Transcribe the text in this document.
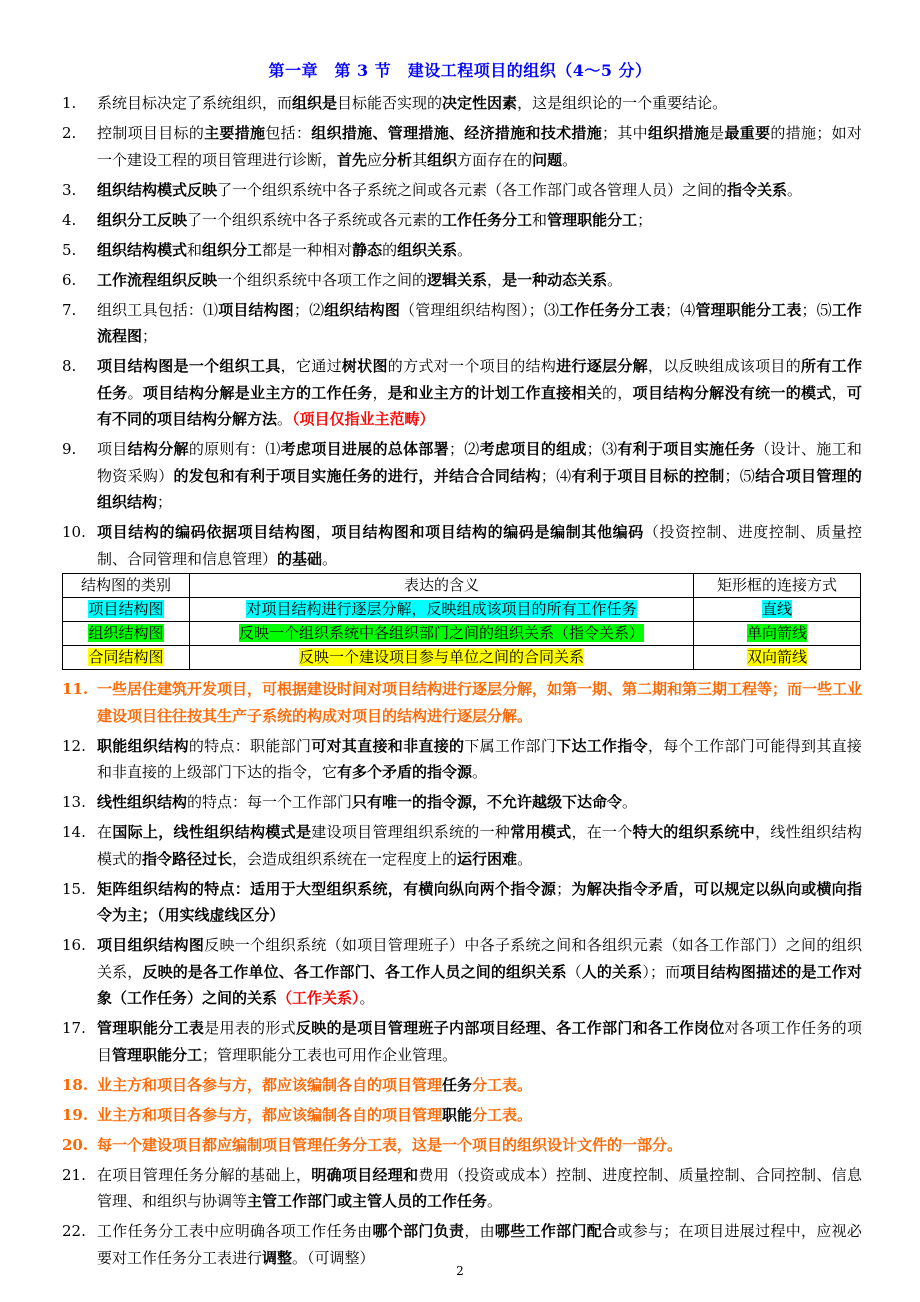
第一章　第 3 节　建设工程项目的组织（4～5 分）
1.	系统目标决定了系统组织，而组织是目标能否实现的决定性因素，这是组织论的一个重要结论。
2.	控制项目目标的主要措施包括：组织措施、管理措施、经济措施和技术措施；其中组织措施是最重要的措施；如对一个建设工程的项目管理进行诊断，首先应分析其组织方面存在的问题。
3.	组织结构模式反映了一个组织系统中各子系统之间或各元素（各工作部门或各管理人员）之间的指令关系。
4.	组织分工反映了一个组织系统中各子系统或各元素的工作任务分工和管理职能分工；
5.	组织结构模式和组织分工都是一种相对静态的组织关系。
6.	工作流程组织反映一个组织系统中各项工作之间的逻辑关系，是一种动态关系。
7.	组织工具包括：⑴项目结构图；⑵组织结构图（管理组织结构图）；⑶工作任务分工表；⑷管理职能分工表；⑸工作流程图；
8.	项目结构图是一个组织工具，它通过树状图的方式对一个项目的结构进行逐层分解，以反映组成该项目的所有工作任务。项目结构分解是业主方的工作任务，是和业主方的计划工作直接相关的，项目结构分解没有统一的模式，可有不同的项目结构分解方法。（项目仅指业主范畴）
9.	项目结构分解的原则有：⑴考虑项目进展的总体部署；⑵考虑项目的组成；⑶有利于项目实施任务（设计、施工和物资采购）的发包和有利于项目实施任务的进行，并结合合同结构；⑷有利于项目目标的控制；⑸结合项目管理的组织结构；
10. 项目结构的编码依据项目结构图，项目结构图和项目结构的编码是编制其他编码（投资控制、进度控制、质量控制、合同管理和信息管理）的基础。
结构图的类别	表达的含义	矩形框的连接方式
项目结构图	对项目结构进行逐层分解，反映组成该项目的所有工作任务	直线
组织结构图	反映一个组织系统中各组织部门之间的组织关系（指令关系）	单向箭线
合同结构图	反映一个建设项目参与单位之间的合同关系	双向箭线
11. 一些居住建筑开发项目，可根据建设时间对项目结构进行逐层分解，如第一期、第二期和第三期工程等；而一些工业建设项目往往按其生产子系统的构成对项目的结构进行逐层分解。
12. 职能组织结构的特点：职能部门可对其直接和非直接的下属工作部门下达工作指令，每个工作部门可能得到其直接和非直接的上级部门下达的指令，它有多个矛盾的指令源。
13. 线性组织结构的特点：每一个工作部门只有唯一的指令源，不允许越级下达命令。
14. 在国际上，线性组织结构模式是建设项目管理组织系统的一种常用模式，在一个特大的组织系统中，线性组织结构模式的指令路径过长，会造成组织系统在一定程度上的运行困难。
15. 矩阵组织结构的特点：适用于大型组织系统，有横向纵向两个指令源；为解决指令矛盾，可以规定以纵向或横向指令为主；（用实线虚线区分）
16. 项目组织结构图反映一个组织系统（如项目管理班子）中各子系统之间和各组织元素（如各工作部门）之间的组织关系，反映的是各工作单位、各工作部门、各工作人员之间的组织关系（人的关系）；而项目结构图描述的是工作对象（工作任务）之间的关系（工作关系）。
17. 管理职能分工表是用表的形式反映的是项目管理班子内部项目经理、各工作部门和各工作岗位对各项工作任务的项目管理职能分工；管理职能分工表也可用作企业管理。
18. 业主方和项目各参与方，都应该编制各自的项目管理任务分工表。
19. 业主方和项目各参与方，都应该编制各自的项目管理职能分工表。
20. 每一个建设项目都应编制项目管理任务分工表，这是一个项目的组织设计文件的一部分。
21. 在项目管理任务分解的基础上，明确项目经理和费用（投资或成本）控制、进度控制、质量控制、合同控制、信息管理、和组织与协调等主管工作部门或主管人员的工作任务。
22. 工作任务分工表中应明确各项工作任务由哪个部门负责，由哪些工作部门配合或参与；在项目进展过程中，应视必要对工作任务分工表进行调整。（可调整）
2
